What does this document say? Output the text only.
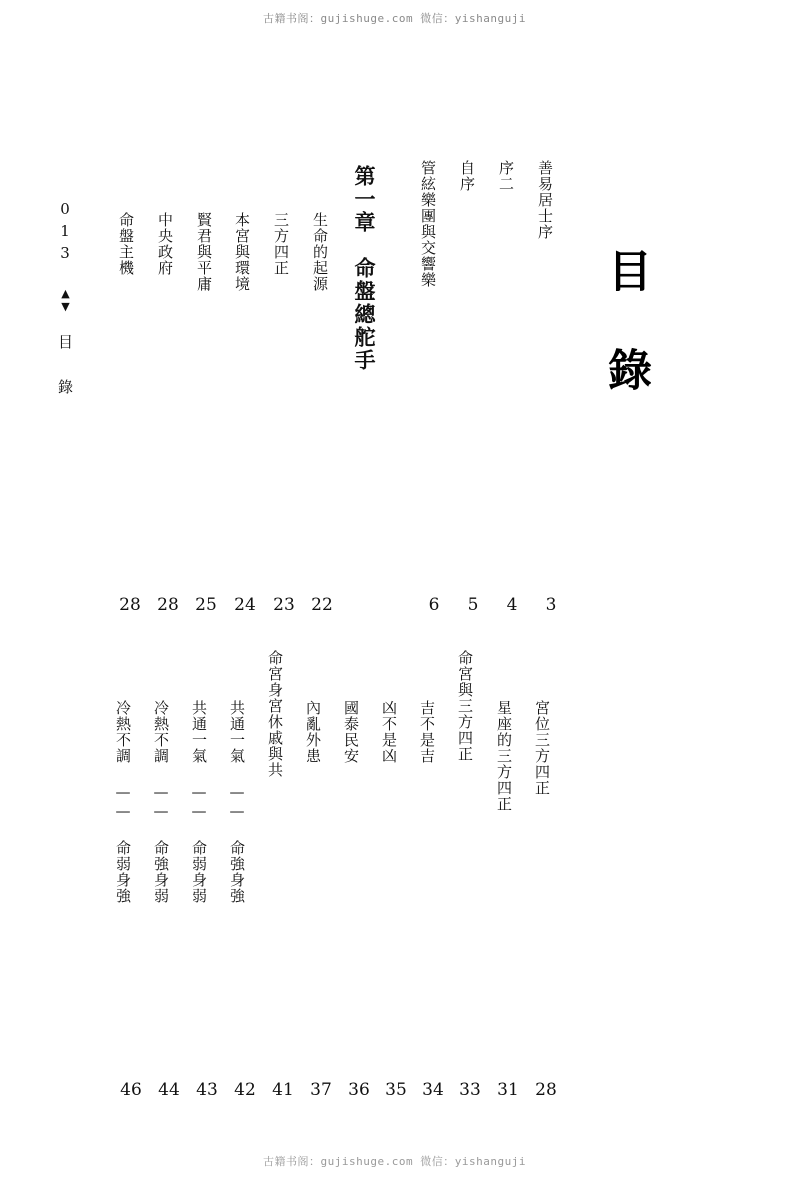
古籍书阁：gujishuge.com 微信：yishanguji
古籍书阁：gujishuge.com 微信：yishanguji
目 錄
013 ▲▼ 目 錄
善易居士序
序二
自序
管絃樂團與交響樂
3
4
5
6
第一章　命盤總舵手
生命的起源
三方四正
本宮與環境
賢君與平庸
中央政府
命盤主機
22
23
24
25
28
28
宮位三方四正
星座的三方四正
命宮與三方四正
吉不是吉
凶不是凶
國泰民安
內亂外患
命宮身宮休戚與共
共通一氣 —— 命強身強
共通一氣 —— 命弱身弱
冷熱不調 —— 命強身弱
冷熱不調 —— 命弱身強
28
31
33
34
35
36
37
41
42
43
44
46
